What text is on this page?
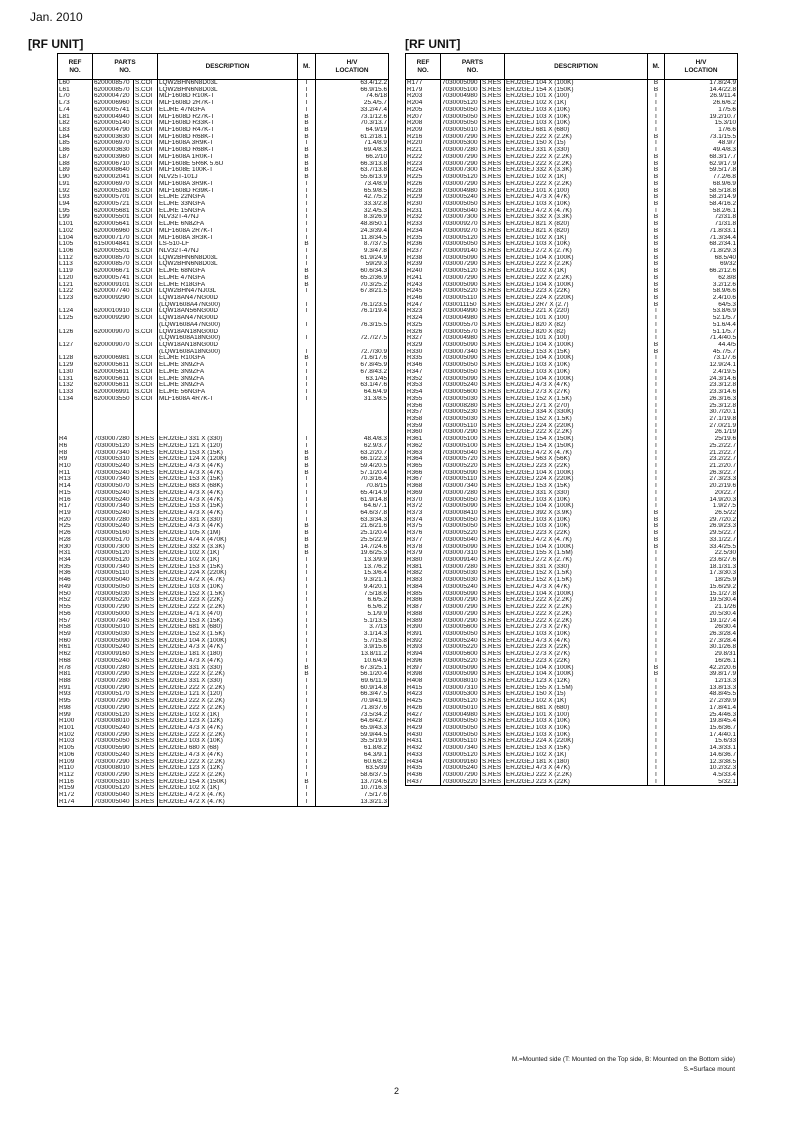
Jan. 2010
[RF UNIT]	[RF UNIT]
REF
NO.	PARTS
NO.		DESCRIPTION	M.	H/V
LOCATION
L60	6200008570	S.COI	LQW2BHN6N8D03L	T	63.4/12.2
L61	6200008570	S.COI	LQW2BHN6N8D03L	T	66.9/15.6
L70	6200004720	S.COI	MLF1608D R10K-T	T	74.6/18
L73	6200006960	S.COI	MLF1608D 2R7K-T	T	25.4/5.7
L74	6200005741	S.COI	ELJRE 47NGFA	T	33.2/47.4
L81	6200004940	S.COI	MLF1608D R27K-T	B	73.1/12.6
L82	6200005140	S.COI	MLF1608D R33K-T	B	70.3/13.7
L83	6200004790	S.COI	MLF1608D R47K-T	B	64.9/19
L84	6200003630	S.COI	MLF1608D R68K-T	B	61.2/18.1
L85	6200006970	S.COI	MLF1608A 3R9K-T	T	71.4/8.9
L86	6200003630	S.COI	MLF1608D R68K-T	B	69.4/8.3
L87	6200003960	S.COI	MLF1608A 1R0K-T	B	66.2/10
L88	6200006710	S.COI	MLF1608E 5R6K 5.6U	B	66.3/13.8
L89	6200008640	S.COI	MLF1608E 100K-T	B	63.7/13.8
L90	6200002041	S.COI	NLV25T-101J	B	55.6/13.9
L91	6200006970	S.COI	MLF1608A 3R9K-T	T	73.4/8.9
L92	6200005180	S.COI	MLF1608D R39K-T	T	65.9/8.5
L93	6200005701	S.COI	ELJRE 22NGFA	T	42.7/5.2
L94	6200005721	S.COI	ELJRE 33NGFA	T	33.3/2.8
L95	6200005681	S.COI	ELJRE 15NGFA	T	32.4/5.3
L99	6200005501	S.COI	NLV32T-47NJ	T	8.3/26.9
L101	6200005641	S.COI	ELJRE 6N8ZFA	T	48.8/50.1
L102	6200006960	S.COI	MLF1608A 2R7K-T	T	24.3/39.4
L104	6200007170	S.COI	MLF1608A 3R3K-T	T	11.8/34.5
L105	6150004841	S.COI	LS-510-LF	B	8.7/37.5
L106	6200005501	S.COI	NLV32T-47NJ	T	9.3/47.8
L112	6200008570	S.COI	LQW2BHN6N8D03L	T	61.9/24.9
L113	6200008570	S.COI	LQW2BHN6N8D03L	T	59/29.3
L119	6200006671	S.COI	ELJRE 68NGFA	B	60.6/34.3
L120	6200005741	S.COI	ELJRE 47NGFA	B	65.2/36.9
L121	6200009101	S.COI	ELJRE R18GFA	B	70.3/25.2
L122	6200007740	S.COI	LQW2BHN47NJ03L	T	67.8/21.5
L123	6200009290	S.COI	LQW18AN47NG00D		
			(LQW1608A47NG00)	T	76.1/23.5
L124	6200010910	S.COI	LQW18AN56NG00D	T	76.1/19.4
L125	6200009290	S.COI	LQW18AN47NG00D		
			(LQW1608A47NG00)	T	76.3/15.5
L126	6200009070	S.COI	LQW18AN18NG00D		
			(LQW1608A18NG00)	T	72.7/27.5
L127	6200009070	S.COI	LQW18AN18NG00D		
			(LQW1608A18NG00)	T	72.7/30.9
L128	6200006981	S.COI	ELJRE R10GFA	B	71.6/17.6
L129	6200005611	S.COI	ELJRE 3N9ZFA	T	67.8/45.9
L130	6200005611	S.COI	ELJRE 3N9ZFA	T	67.8/43.2
L131	6200005611	S.COI	ELJRE 3N9ZFA	T	63.1/45
L132	6200005611	S.COI	ELJRE 3N9ZFA	T	63.1/47.6
L133	6200006991	S.COI	ELJRE 56NGFA	T	64.6/4.9
L134	6200003550	S.COI	MLF1608A 4R7K-T	T	31.3/8.5

R4	7030007280	S.RES	ERJ2GEJ 331 X (330)	T	48.4/8.3
R6	7030005120	S.RES	ERJ2GEJ 121 X (120)	T	62.9/3.7
R8	7030007340	S.RES	ERJ2GEJ 153 X (15K)	B	63.2/20.7
R9	7030005310	S.RES	ERJ2GEJ 124 X (120K)	B	66.1/22.3
R10	7030005240	S.RES	ERJ2GEJ 473 X (47K)	B	59.4/20.5
R11	7030005240	S.RES	ERJ2GEJ 473 X (47K)	B	57.1/20.4
R13	7030007340	S.RES	ERJ2GEJ 153 X (15K)	T	70.3/16.4
R14	7030005070	S.RES	ERJ2GEJ 683 X (68K)	T	70.8/15
R15	7030005240	S.RES	ERJ2GEJ 473 X (47K)	T	65.4/14.9
R16	7030005240	S.RES	ERJ2GEJ 473 X (47K)	T	61.9/14.8
R17	7030007340	S.RES	ERJ2GEJ 153 X (15K)	T	64.6/7.1
R19	7030005240	S.RES	ERJ2GEJ 473 X (47K)	T	64.6/37.8
R20	7030007280	S.RES	ERJ2GEJ 331 X (330)	T	63.3/34.3
R25	7030005240	S.RES	ERJ2GEJ 473 X (47K)	B	21.6/21.6
R26	7030005160	S.RES	ERJ2GEJ 105 X (1M)	B	25.1/20.4
R28	7030005170	S.RES	ERJ2GEJ 474 X (470K)	B	25.5/22.9
R30	7030007300	S.RES	ERJ2GEJ 332 X (3.3K)	B	14.7/24.6
R31	7030005120	S.RES	ERJ2GEJ 102 X (1K)	B	19.6/25.3
R34	7030005120	S.RES	ERJ2GEJ 102 X (1K)	T	13.3/9.9
R35	7030007340	S.RES	ERJ2GEJ 153 X (15K)	T	13.7/6.2
R36	7030005110	S.RES	ERJ2GEJ 224 X (220K)	T	15.3/6.4
R46	7030005040	S.RES	ERJ2GEJ 472 X (4.7K)	T	9.3/21.1
R49	7030005050	S.RES	ERJ2GEJ 103 X (10K)	T	9.4/20.1
R50	7030005030	S.RES	ERJ2GEJ 152 X (1.5K)	T	7.5/18.6
R52	7030005220	S.RES	ERJ2GEJ 223 X (22K)	T	6.6/5.2
R55	7030007290	S.RES	ERJ2GEJ 222 X (2.2K)	T	6.5/6.2
R56	7030005000	S.RES	ERJ2GEJ 471 X (470)	T	5.1/9.9
R57	7030007340	S.RES	ERJ2GEJ 153 X (15K)	T	5.1/13.5
R58	7030005010	S.RES	ERJ2GEJ 681 X (680)	T	3.7/13
R59	7030005030	S.RES	ERJ2GEJ 152 X (1.5K)	T	3.1/14.3
R60	7030005090	S.RES	ERJ2GEJ 104 X (100K)	T	5.7/15.8
R61	7030005240	S.RES	ERJ2GEJ 473 X (47K)	T	3.9/15.6
R62	7030009160	S.RES	ERJ2GEJ 181 X (180)	T	13.8/11.2
R68	7030005240	S.RES	ERJ2GEJ 473 X (47K)	T	10.6/4.9
R78	7030007280	S.RES	ERJ2GEJ 331 X (330)	B	67.3/25.1
R81	7030007290	S.RES	ERJ2GEJ 222 X (2.2K)	B	56.1/20.4
R88	7030007280	S.RES	ERJ2GEJ 331 X (330)	T	69.6/11.9
R91	7030007290	S.RES	ERJ2GEJ 222 X (2.2K)	T	60.9/14.8
R93	7030005170	S.RES	ERJ2GEJ 121 X (120)	T	66.3/47.5
R95	7030007290	S.RES	ERJ2GEJ 222 X (2.2K)	T	70.9/41.9
R98	7030007290	S.RES	ERJ2GEJ 222 X (2.2K)	T	71.8/37.6
R99	7030005120	S.RES	ERJ2GEJ 102 X (1K)	T	73.5/34.2
R100	7030008010	S.RES	ERJ2GEJ 123 X (12K)	T	64.6/42.7
R101	7030005240	S.RES	ERJ2GEJ 473 X (47K)	T	65.9/43.3
R102	7030007290	S.RES	ERJ2GEJ 222 X (2.2K)	T	59.9/44.5
R103	7030005050	S.RES	ERJ2GEJ 103 X (10K)	T	35.5/19.9
R105	7030005590	S.RES	ERJ2GEJ 680 X (68)	T	61.8/8.2
R106	7030005240	S.RES	ERJ2GEJ 473 X (47K)	T	64.3/9.1
R109	7030007290	S.RES	ERJ2GEJ 222 X (2.2K)	T	60.6/8.2
R110	7030008010	S.RES	ERJ2GEJ 123 X (12K)	T	63.5/39
R112	7030007290	S.RES	ERJ2GEJ 222 X (2.2K)	T	58.6/37.5
R116	7030005310	S.RES	ERJ2GEJ 154 X (150K)	B	13.7/24.6
R159	7030005120	S.RES	ERJ2GEJ 102 X (1K)	T	10.7/16.3
R172	7030005040	S.RES	ERJ2GEJ 472 X (4.7K)	T	7.5/17.6
R174	7030005040	S.RES	ERJ2GEJ 472 X (4.7K)	T	13.3/21.3
REF
NO.	PARTS
NO.		DESCRIPTION	M.	H/V
LOCATION
R177	7030005090	S.RES	ERJ2GEJ 104 X (100K)	B	17.8/24.9
R179	7030005100	S.RES	ERJ2GEJ 154 X (150K)	B	14.4/22.8
R203	7030004980	S.RES	ERJ2GEJ 101 X (100)	T	26.9/11.4
R204	7030005120	S.RES	ERJ2GEJ 102 X (1K)	T	26.6/6.2
R205	7030005050	S.RES	ERJ2GEJ 103 X (10K)	T	17/5.6
R207	7030005050	S.RES	ERJ2GEJ 103 X (10K)	T	19.2/10.7
R208	7030005050	S.RES	ERJ2GEJ 103 X (10K)	T	15.3/10
R209	7030005010	S.RES	ERJ2GEJ 681 X (680)	T	17/6.6
R216	7030007290	S.RES	ERJ2GEJ 222 X (2.2K)	B	73.1/15.5
R220	7030005300	S.RES	ERJ2GEJ 150 X (15)	T	48.9/7
R221	7030007280	S.RES	ERJ2GEJ 331 X (330)	T	49.4/8.3
R222	7030007290	S.RES	ERJ2GEJ 222 X (2.2K)	B	68.3/17.7
R223	7030007290	S.RES	ERJ2GEJ 222 X (2.2K)	B	62.9/17.9
R224	7030007300	S.RES	ERJ2GEJ 332 X (3.3K)	B	59.5/17.8
R225	7030005120	S.RES	ERJ2GEJ 102 X (1K)	B	77.2/6.8
R226	7030007290	S.RES	ERJ2GEJ 222 X (2.2K)	B	68.9/6.9
R228	7030004980	S.RES	ERJ2GEJ 101 X (100)	B	58.5/18.8
R229	7030005240	S.RES	ERJ2GEJ 473 X (47K)	B	58.2/14.9
R230	7030005050	S.RES	ERJ2GEJ 103 X (10K)	B	58.4/16.2
R231	7030005040	S.RES	ERJ2GEJ 472 X (4.7K)	T	58.2/6.1
R232	7030007300	S.RES	ERJ2GEJ 332 X (3.3K)	B	72/31.8
R233	7030009270	S.RES	ERJ2GEJ 821 X (820)	B	71/31.8
R234	7030009270	S.RES	ERJ2GEJ 821 X (820)	B	71.8/33.1
R235	7030005120	S.RES	ERJ2GEJ 102 X (1K)	B	71.3/34.4
R236	7030005050	S.RES	ERJ2GEJ 103 X (10K)	B	68.2/34.1
R237	7030009140	S.RES	ERJ2GEJ 272 X (2.7K)	B	71.8/29.3
R238	7030005090	S.RES	ERJ2GEJ 104 X (100K)	B	68.5/40
R239	7030007290	S.RES	ERJ2GEJ 222 X (2.2K)	B	69/32
R240	7030005120	S.RES	ERJ2GEJ 102 X (1K)	B	66.2/12.6
R241	7030007290	S.RES	ERJ2GEJ 222 X (2.2K)	B	62.8/8
R243	7030005090	S.RES	ERJ2GEJ 104 X (100K)	B	3.2/12.6
R245	7030005220	S.RES	ERJ2GEJ 223 X (22K)	B	58.9/6.6
R246	7030005110	S.RES	ERJ2GEJ 224 X (220K)	B	2.4/10.6
R247	7030011150	S.RES	ERJ2GEJ 2R7 X (2.7)	B	64/5.3
R323	7030004990	S.RES	ERJ2GEJ 221 X (220)	T	53.8/6.9
R324	7030004980	S.RES	ERJ2GEJ 101 X (100)	T	52.1/5.7
R325	7030005570	S.RES	ERJ2GEJ 820 X (82)	T	51.6/4.4
R326	7030005570	S.RES	ERJ2GEJ 820 X (82)	T	51.1/5.7
R327	7030004980	S.RES	ERJ2GEJ 101 X (100)	T	71.4/40.5
R329	7030005090	S.RES	ERJ2GEJ 104 X (100K)	B	44.4/5
R330	7030007340	S.RES	ERJ2GEJ 153 X (15K)	B	45.7/5.7
R335	7030005090	S.RES	ERJ2GEJ 104 X (100K)	T	73.1/7.6
R346	7030005050	S.RES	ERJ2GEJ 103 X (10K)	T	12.9/24.1
R347	7030005050	S.RES	ERJ2GEJ 103 X (10K)	T	2.4/19.5
R352	7030005090	S.RES	ERJ2GEJ 104 X (100K)	T	24.3/14.6
R353	7030005240	S.RES	ERJ2GEJ 473 X (47K)	T	23.3/12.8
R354	7030005600	S.RES	ERJ2GEJ 273 X (27K)	T	23.3/14.6
R355	7030005030	S.RES	ERJ2GEJ 152 X (1.5K)	T	26.3/16.3
R356	7030008280	S.RES	ERJ2GEJ 271 X (270)	T	25.3/12.8
R357	7030005230	S.RES	ERJ2GEJ 334 X (330K)	T	30.7/20.1
R358	7030005030	S.RES	ERJ2GEJ 152 X (1.5K)	T	27.1/19.8
R359	7030005110	S.RES	ERJ2GEJ 224 X (220K)	T	27.0/21.9
R360	7030007290	S.RES	ERJ2GEJ 222 X (2.2K)	T	26.1/19
R361	7030005100	S.RES	ERJ2GEJ 154 X (150K)	T	25/19.6
R362	7030005100	S.RES	ERJ2GEJ 154 X (150K)	T	25.2/22.7
R363	7030005040	S.RES	ERJ2GEJ 472 X (4.7K)	T	21.2/22.7
R364	7030005720	S.RES	ERJ2GEJ 563 X (56K)	T	23.2/22.7
R365	7030005220	S.RES	ERJ2GEJ 223 X (22K)	T	21.2/20.7
R366	7030005090	S.RES	ERJ2GEJ 104 X (100K)	T	26.3/22.7
R367	7030005110	S.RES	ERJ2GEJ 224 X (220K)	T	27.3/23.3
R368	7030007340	S.RES	ERJ2GEJ 153 X (15K)	T	20.2/19.6
R369	7030007280	S.RES	ERJ2GEJ 331 X (330)	T	20/22.7
R370	7030005050	S.RES	ERJ2GEJ 103 X (10K)	T	14.9/20.3
R372	7030005090	S.RES	ERJ2GEJ 104 X (100K)	T	1.9/27.5
R373	7030008410	S.RES	ERJ2GEJ 392 X (3.9K)	B	26.5/22
R374	7030005050	S.RES	ERJ2GEJ 103 X (10K)	B	29.7/20.2
R375	7030005050	S.RES	ERJ2GEJ 103 X (10K)	B	26.9/23.3
R376	7030005220	S.RES	ERJ2GEJ 223 X (22K)	B	29.5/22.7
R377	7030005040	S.RES	ERJ2GEJ 472 X (4.7K)	B	33.1/22.7
R378	7030005090	S.RES	ERJ2GEJ 104 X (100K)	B	33.4/25.5
R379	7030007310	S.RES	ERJ2GEJ 155 X (1.5M)	T	22.5/30
R380	7030009140	S.RES	ERJ2GEJ 272 X (2.7K)	T	23.6/27.6
R381	7030007280	S.RES	ERJ2GEJ 331 X (330)	T	18.1/31.3
R382	7030005030	S.RES	ERJ2GEJ 152 X (1.5K)	T	17.3/30.3
R383	7030005030	S.RES	ERJ2GEJ 152 X (1.5K)	T	18/25.9
R384	7030005240	S.RES	ERJ2GEJ 473 X (47K)	T	15.6/29.2
R385	7030005090	S.RES	ERJ2GEJ 104 X (100K)	T	15.1/27.8
R386	7030007290	S.RES	ERJ2GEJ 222 X (2.2K)	T	19.5/30.4
R387	7030007290	S.RES	ERJ2GEJ 222 X (2.2K)	T	21.1/26
R388	7030007290	S.RES	ERJ2GEJ 222 X (2.2K)	T	20.5/30.4
R389	7030007290	S.RES	ERJ2GEJ 222 X (2.2K)	T	19.1/27.4
R390	7030005600	S.RES	ERJ2GEJ 273 X (27K)	T	26/30.4
R391	7030005050	S.RES	ERJ2GEJ 103 X (10K)	T	26.3/28.4
R392	7030005240	S.RES	ERJ2GEJ 473 X (47K)	T	27.3/28.4
R393	7030005220	S.RES	ERJ2GEJ 223 X (22K)	T	30.1/26.8
R394	7030005600	S.RES	ERJ2GEJ 273 X (27K)	T	29.8/31
R396	7030005220	S.RES	ERJ2GEJ 223 X (22K)	T	16/26.1
R397	7030005090	S.RES	ERJ2GEJ 104 X (100K)	B	42.2/20.6
R398	7030005090	S.RES	ERJ2GEJ 104 X (100K)	B	39.8/17.9
R408	7030008010	S.RES	ERJ2GEJ 123 X (12K)	T	12/13.3
R415	7030007310	S.RES	ERJ2GEJ 155 X (1.5M)	T	13.8/13.3
R423	7030005300	S.RES	ERJ2GEJ 150 X (15)	T	48.8/45.5
R425	7030005120	S.RES	ERJ2GEJ 102 X (1K)	T	27.2/39.9
R426	7030005010	S.RES	ERJ2GEJ 681 X (680)	T	17.8/41.4
R427	7030004980	S.RES	ERJ2GEJ 101 X (100)	T	25.4/46.3
R428	7030005050	S.RES	ERJ2GEJ 103 X (10K)	T	19.8/45.4
R429	7030005050	S.RES	ERJ2GEJ 103 X (10K)	T	15.6/36.7
R430	7030005050	S.RES	ERJ2GEJ 103 X (10K)	T	17.4/40.1
R431	7030005110	S.RES	ERJ2GEJ 224 X (220K)	T	15.6/33
R432	7030007340	S.RES	ERJ2GEJ 153 X (15K)	T	14.3/33.1
R433	7030005120	S.RES	ERJ2GEJ 102 X (1K)	T	14.6/36.7
R434	7030009160	S.RES	ERJ2GEJ 181 X (180)	T	12.3/38.5
R435	7030005240	S.RES	ERJ2GEJ 473 X (47K)	T	10.2/32.3
R436	7030007290	S.RES	ERJ2GEJ 222 X (2.2K)	T	4.5/33.4
R437	7030005220	S.RES	ERJ2GEJ 223 X (22K)	T	5/32.1
M.=Mounted side (T: Mounted on the Top side, B: Mounted on the Bottom side)
S.=Surface mount
2
